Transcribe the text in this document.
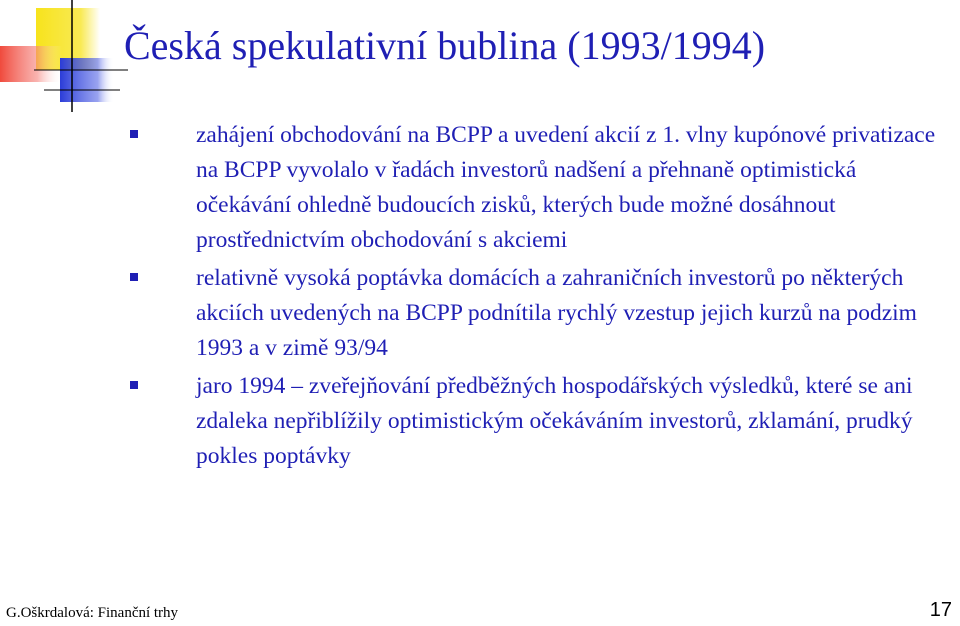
Česká spekulativní bublina (1993/1994)
zahájení obchodování na BCPP a uvedení akcií z 1. vlny kupónové privatizace na BCPP vyvolalo v řadách investorů nadšení a přehnaně optimistická očekávání ohledně budoucích zisků, kterých bude možné dosáhnout prostřednictvím obchodování s akciemi
relativně vysoká poptávka domácích a zahraničních investorů po některých akciích uvedených na BCPP podnítila rychlý vzestup jejich kurzů na podzim 1993 a v zimě 93/94
jaro 1994 – zveřejňování předběžných hospodářských výsledků, které se ani zdaleka nepřiblížily optimistickým očekáváním investorů, zklamání, prudký pokles poptávky
G.Oškrdalová: Finanční trhy	17
